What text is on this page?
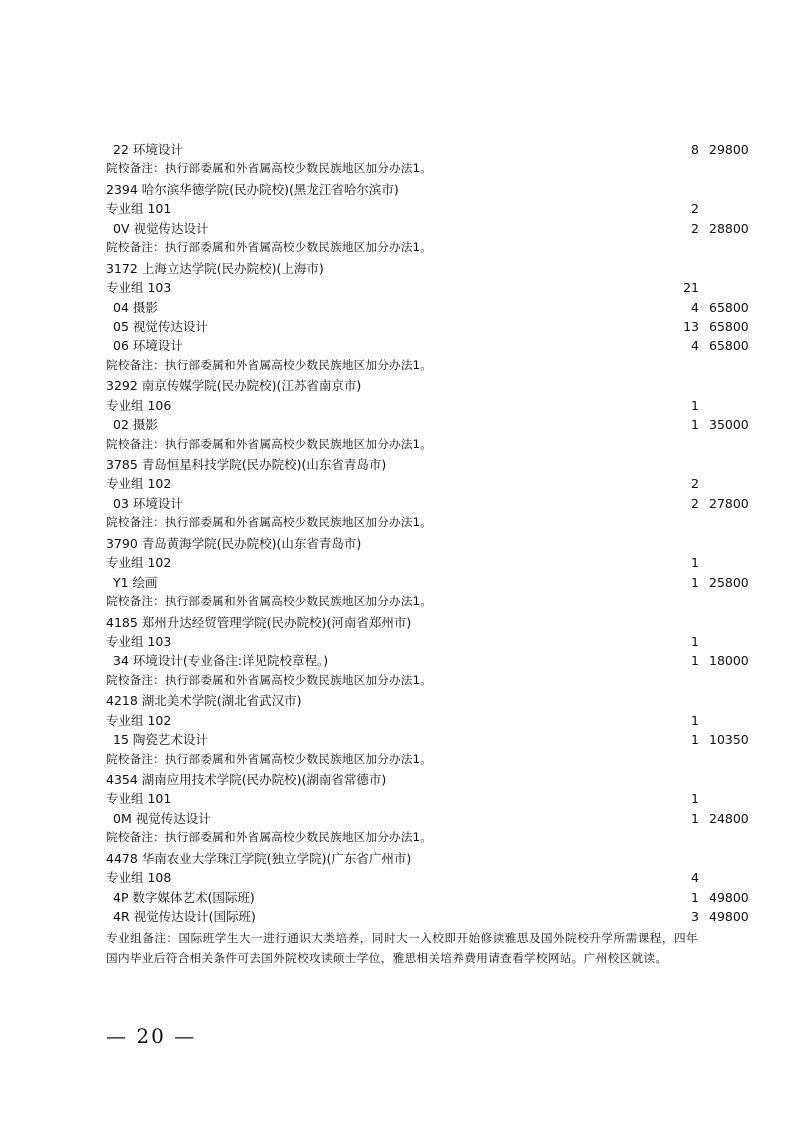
22 环境设计	8 29800
院校备注：执行部委属和外省属高校少数民族地区加分办法1。
2394 哈尔滨华德学院(民办院校)(黑龙江省哈尔滨市)
专业组 101	2
0V 视觉传达设计	2 28800
院校备注：执行部委属和外省属高校少数民族地区加分办法1。
3172 上海立达学院(民办院校)(上海市)
专业组 103	21
04 摄影	4 65800
05 视觉传达设计	13 65800
06 环境设计	4 65800
院校备注：执行部委属和外省属高校少数民族地区加分办法1。
3292 南京传媒学院(民办院校)(江苏省南京市)
专业组 106	1
02 摄影	1 35000
院校备注：执行部委属和外省属高校少数民族地区加分办法1。
3785 青岛恒星科技学院(民办院校)(山东省青岛市)
专业组 102	2
03 环境设计	2 27800
院校备注：执行部委属和外省属高校少数民族地区加分办法1。
3790 青岛黄海学院(民办院校)(山东省青岛市)
专业组 102	1
Y1 绘画	1 25800
院校备注：执行部委属和外省属高校少数民族地区加分办法1。
4185 郑州升达经贸管理学院(民办院校)(河南省郑州市)
专业组 103	1
34 环境设计(专业备注:详见院校章程。)	1 18000
院校备注：执行部委属和外省属高校少数民族地区加分办法1。
4218 湖北美术学院(湖北省武汉市)
专业组 102	1
15 陶瓷艺术设计	1 10350
院校备注：执行部委属和外省属高校少数民族地区加分办法1。
4354 湖南应用技术学院(民办院校)(湖南省常德市)
专业组 101	1
0M 视觉传达设计	1 24800
院校备注：执行部委属和外省属高校少数民族地区加分办法1。
4478 华南农业大学珠江学院(独立学院)(广东省广州市)
专业组 108	4
4P 数字媒体艺术(国际班)	1 49800
4R 视觉传达设计(国际班)	3 49800
专业组备注：国际班学生大一进行通识大类培养，同时大一入校即开始修读雅思及国外院校升学所需课程，四年国内毕业后符合相关条件可去国外院校攻读硕士学位，雅思相关培养费用请查看学校网站。广州校区就读。
— 20 —
